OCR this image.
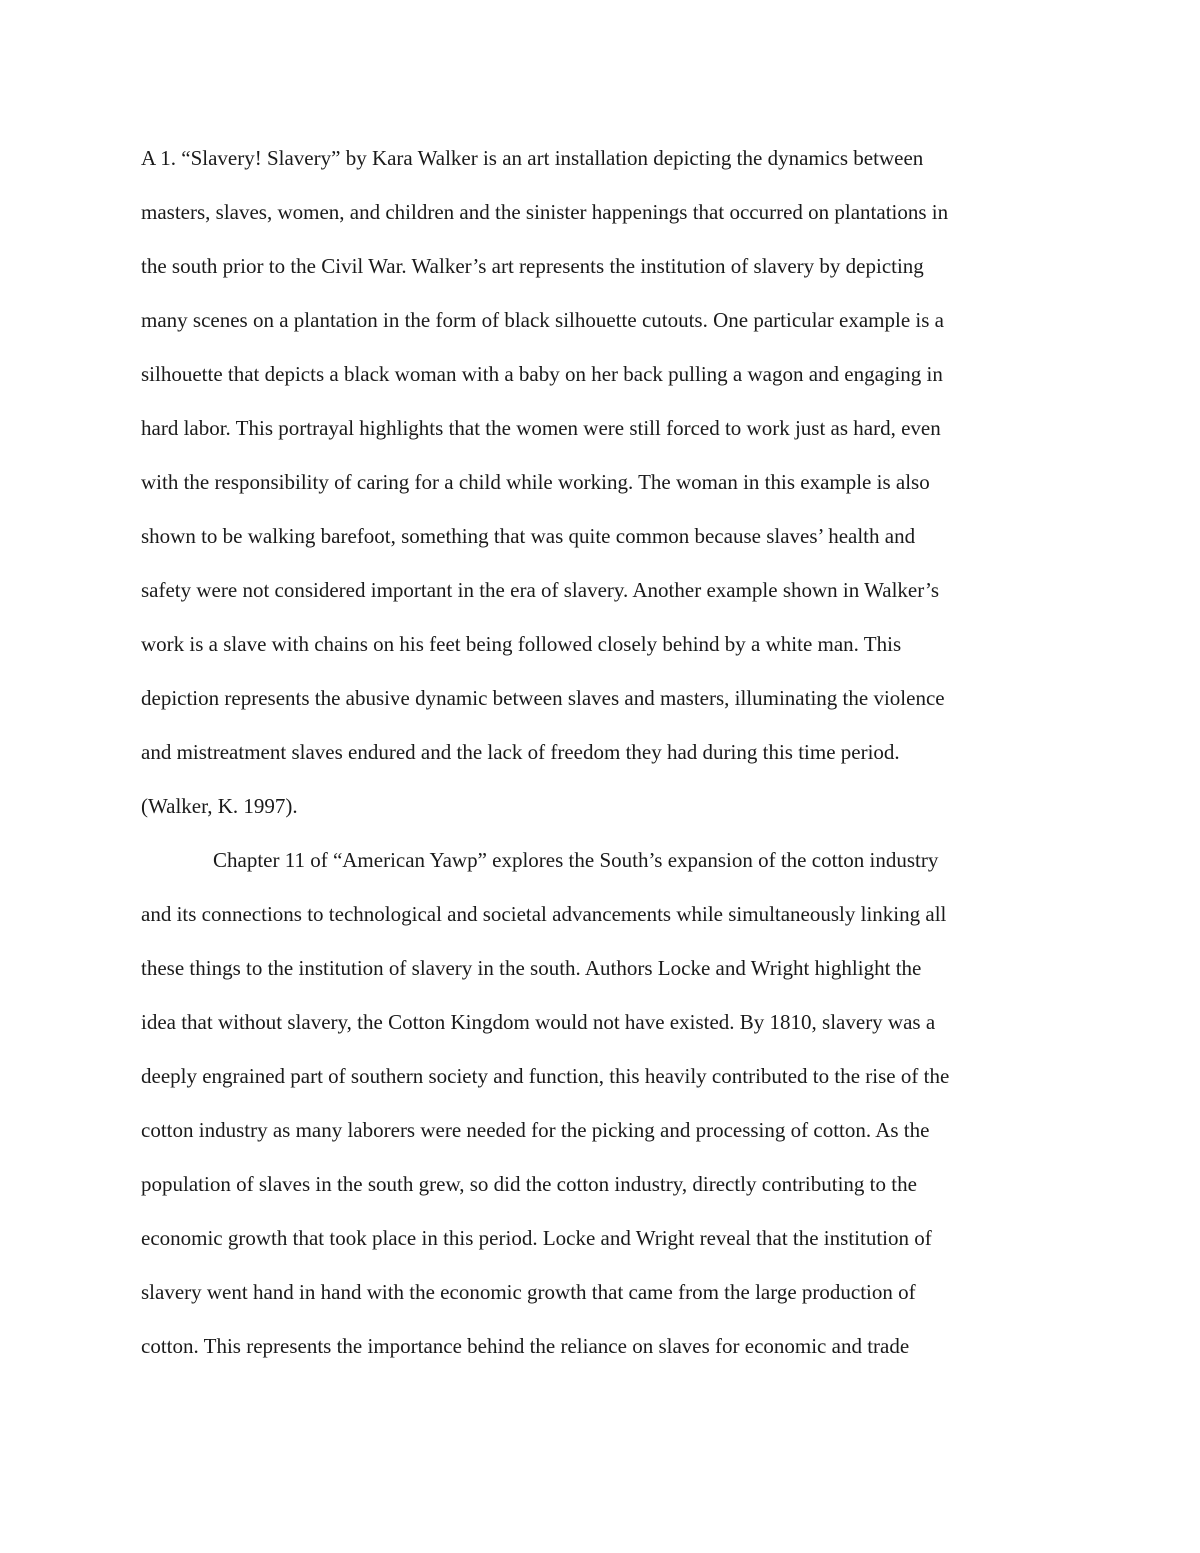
A 1. “Slavery! Slavery” by Kara Walker is an art installation depicting the dynamics between
masters, slaves, women, and children and the sinister happenings that occurred on plantations in
the south prior to the Civil War. Walker’s art represents the institution of slavery by depicting
many scenes on a plantation in the form of black silhouette cutouts. One particular example is a
silhouette that depicts a black woman with a baby on her back pulling a wagon and engaging in
hard labor. This portrayal highlights that the women were still forced to work just as hard, even
with the responsibility of caring for a child while working. The woman in this example is also
shown to be walking barefoot, something that was quite common because slaves’ health and
safety were not considered important in the era of slavery. Another example shown in Walker’s
work is a slave with chains on his feet being followed closely behind by a white man. This
depiction represents the abusive dynamic between slaves and masters, illuminating the violence
and mistreatment slaves endured and the lack of freedom they had during this time period.
(Walker, K. 1997).
Chapter 11 of “American Yawp” explores the South’s expansion of the cotton industry
and its connections to technological and societal advancements while simultaneously linking all
these things to the institution of slavery in the south. Authors Locke and Wright highlight the
idea that without slavery, the Cotton Kingdom would not have existed. By 1810, slavery was a
deeply engrained part of southern society and function, this heavily contributed to the rise of the
cotton industry as many laborers were needed for the picking and processing of cotton. As the
population of slaves in the south grew, so did the cotton industry, directly contributing to the
economic growth that took place in this period. Locke and Wright reveal that the institution of
slavery went hand in hand with the economic growth that came from the large production of
cotton. This represents the importance behind the reliance on slaves for economic and trade
